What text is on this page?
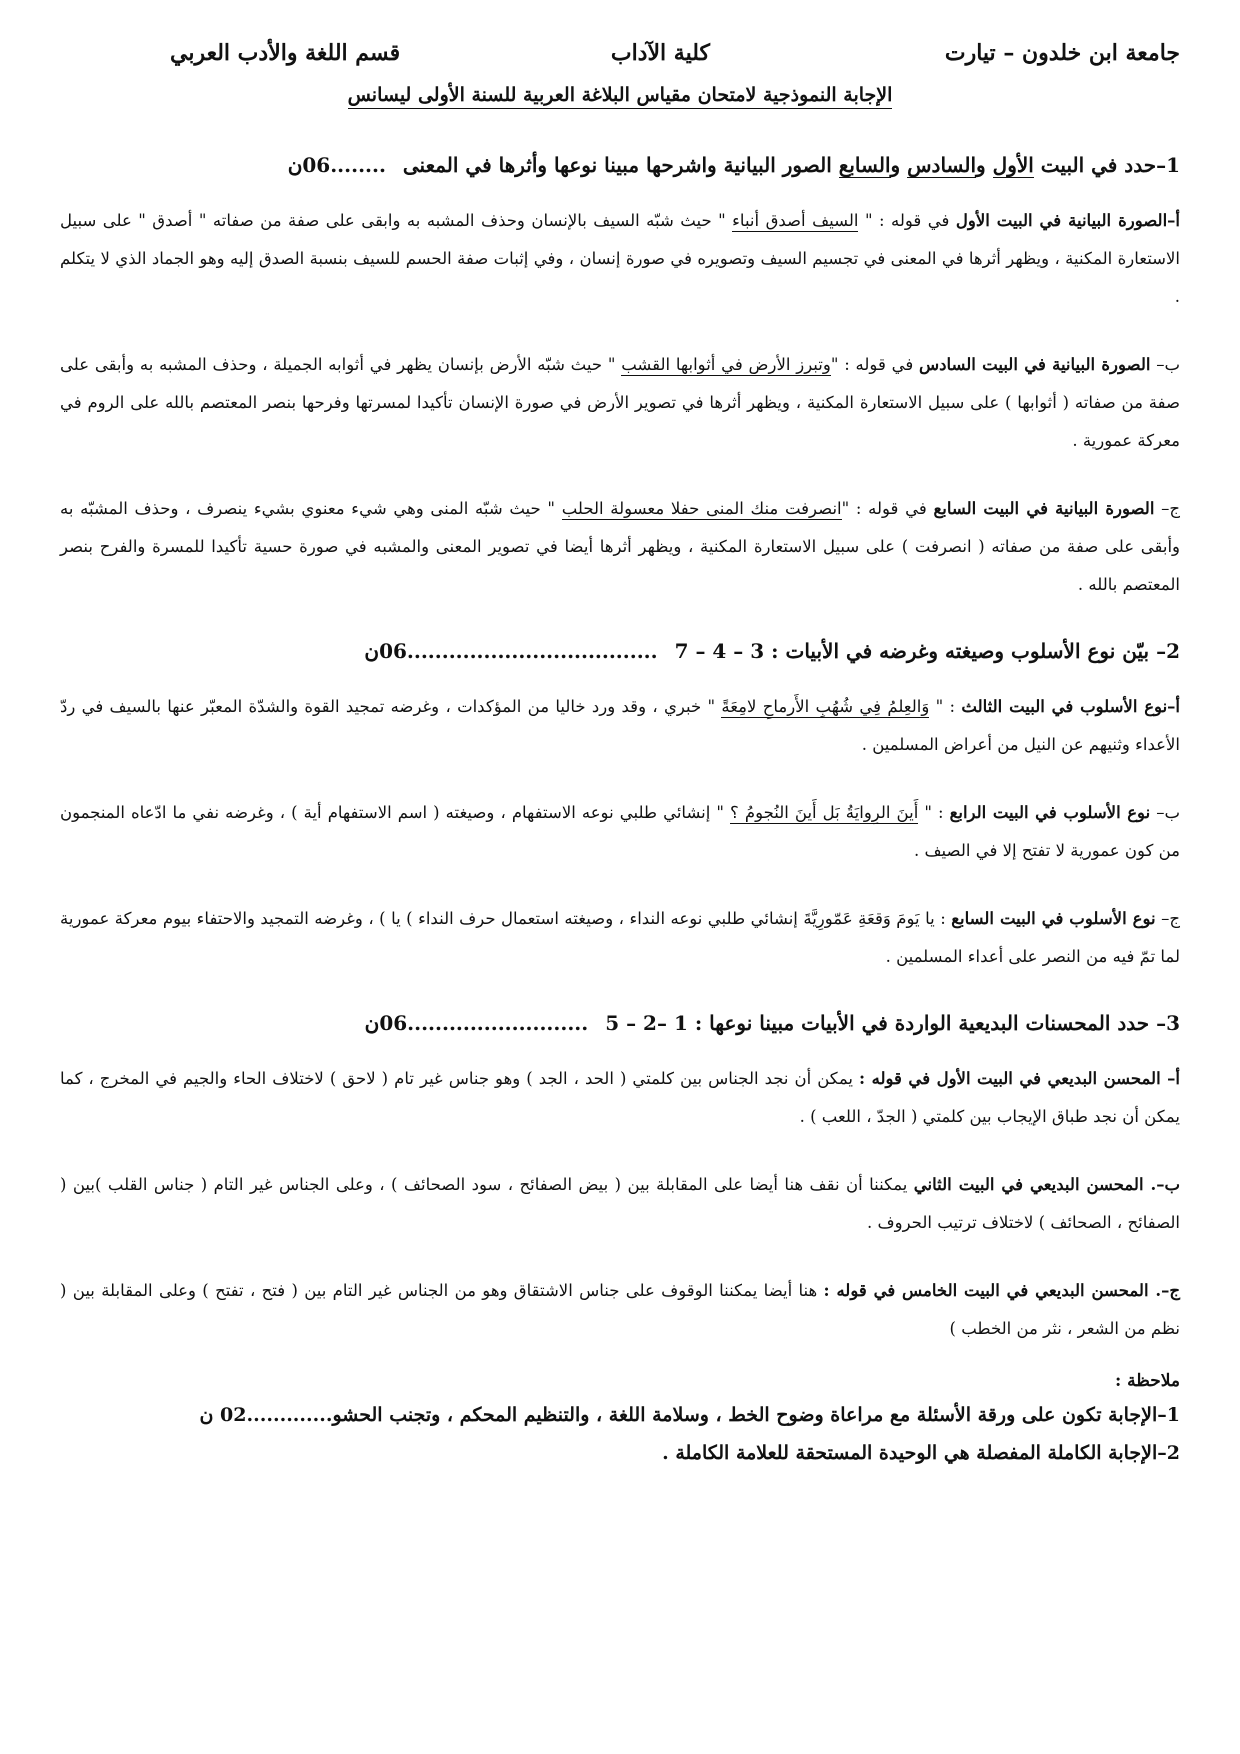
جامعة ابن خلدون – تيارت
كلية الآداب
قسم اللغة والأدب العربي
الإجابة النموذجية لامتحان مقياس البلاغة العربية للسنة الأولى ليسانس
1–حدد في البيت الأول والسادس والسابع الصور البيانية واشرحها مبينا نوعها وأثرها في المعنى ........06ن
أ–الصورة البيانية في البيت الأول في قوله : " السيف أصدق أنباء " حيث شبّه السيف بالإنسان وحذف المشبه به وابقى على صفة من صفاته " أصدق " على سبيل الاستعارة المكنية ، ويظهر أثرها في المعنى في تجسيم السيف وتصويره في صورة إنسان ، وفي إثبات صفة الحسم للسيف بنسبة الصدق إليه وهو الجماد الذي لا يتكلم .
ب– الصورة البيانية في البيت السادس في قوله : "وتبرز الأرض في أثوابها القشب " حيث شبّه الأرض بإنسان يظهر في أثوابه الجميلة ، وحذف المشبه به وأبقى على صفة من صفاته ( أثوابها ) على سبيل الاستعارة المكنية ، ويظهر أثرها في تصوير الأرض في صورة الإنسان تأكيدا لمسرتها وفرحها بنصر المعتصم بالله على الروم في معركة عمورية .
ج– الصورة البيانية في البيت السابع في قوله : "انصرفت منك المنى حفلا معسولة الحلب " حيث شبّه المنى وهي شيء معنوي بشيء ينصرف ، وحذف المشبّه به وأبقى على صفة من صفاته ( انصرفت ) على سبيل الاستعارة المكنية ، ويظهر أثرها أيضا في تصوير المعنى والمشبه في صورة حسية تأكيدا للمسرة والفرح بنصر المعتصم بالله .
2– بيّن نوع الأسلوب وصيغته وغرضه في الأبيات : 3 – 4 – 7 ....................................06ن
أ–نوع الأسلوب في البيت الثالث : " وَالعِلمُ فِي شُهُبِ الأَرماحِ لامِعَةً " خبري ، وقد ورد خاليا من المؤكدات ، وغرضه تمجيد القوة والشدّة المعبّر عنها بالسيف في ردّ الأعداء وثنيهم عن النيل من أعراض المسلمين .
ب– نوع الأسلوب في البيت الرابع : " أَينَ الرِوايَةُ بَل أَينَ النُجومُ ؟ " إنشائي طلبي نوعه الاستفهام ، وصيغته ( اسم الاستفهام أية ) ، وغرضه نفي ما ادّعاه المنجمون من كون عمورية لا تفتح إلا في الصيف .
ج– نوع الأسلوب في البيت السابع : يا يَومَ وَقعَةِ عَمّورِيَّةَ إنشائي طلبي نوعه النداء ، وصيغته استعمال حرف النداء ) يا ) ، وغرضه التمجيد والاحتفاء بيوم معركة عمورية لما تمّ فيه من النصر على أعداء المسلمين .
3– حدد المحسنات البديعية الواردة في الأبيات مبينا نوعها : 1 –2 – 5 ..........................06ن
أ– المحسن البديعي في البيت الأول في قوله : يمكن أن نجد الجناس بين كلمتي ( الحد ، الجد ) وهو جناس غير تام ( لاحق ) لاختلاف الحاء والجيم في المخرج ، كما يمكن أن نجد طباق الإيجاب بين كلمتي ( الجدّ ، اللعب ) .
ب–. المحسن البديعي في البيت الثاني يمكننا أن نقف هنا أيضا على المقابلة بين ( بيض الصفائح ، سود الصحائف ) ، وعلى الجناس غير التام ( جناس القلب )بين ( الصفائح ، الصحائف ) لاختلاف ترتيب الحروف .
ج–. المحسن البديعي في البيت الخامس في قوله : هنا أيضا يمكننا الوقوف على جناس الاشتقاق وهو من الجناس غير التام بين ( فتح ، تفتح ) وعلى المقابلة بين ( نظم من الشعر ، نثر من الخطب )
ملاحظة :
1–الإجابة تكون على ورقة الأسئلة مع مراعاة وضوح الخط ، وسلامة اللغة ، والتنظيم المحكم ، وتجنب الحشو.............02 ن
2–الإجابة الكاملة المفصلة هي الوحيدة المستحقة للعلامة الكاملة .
